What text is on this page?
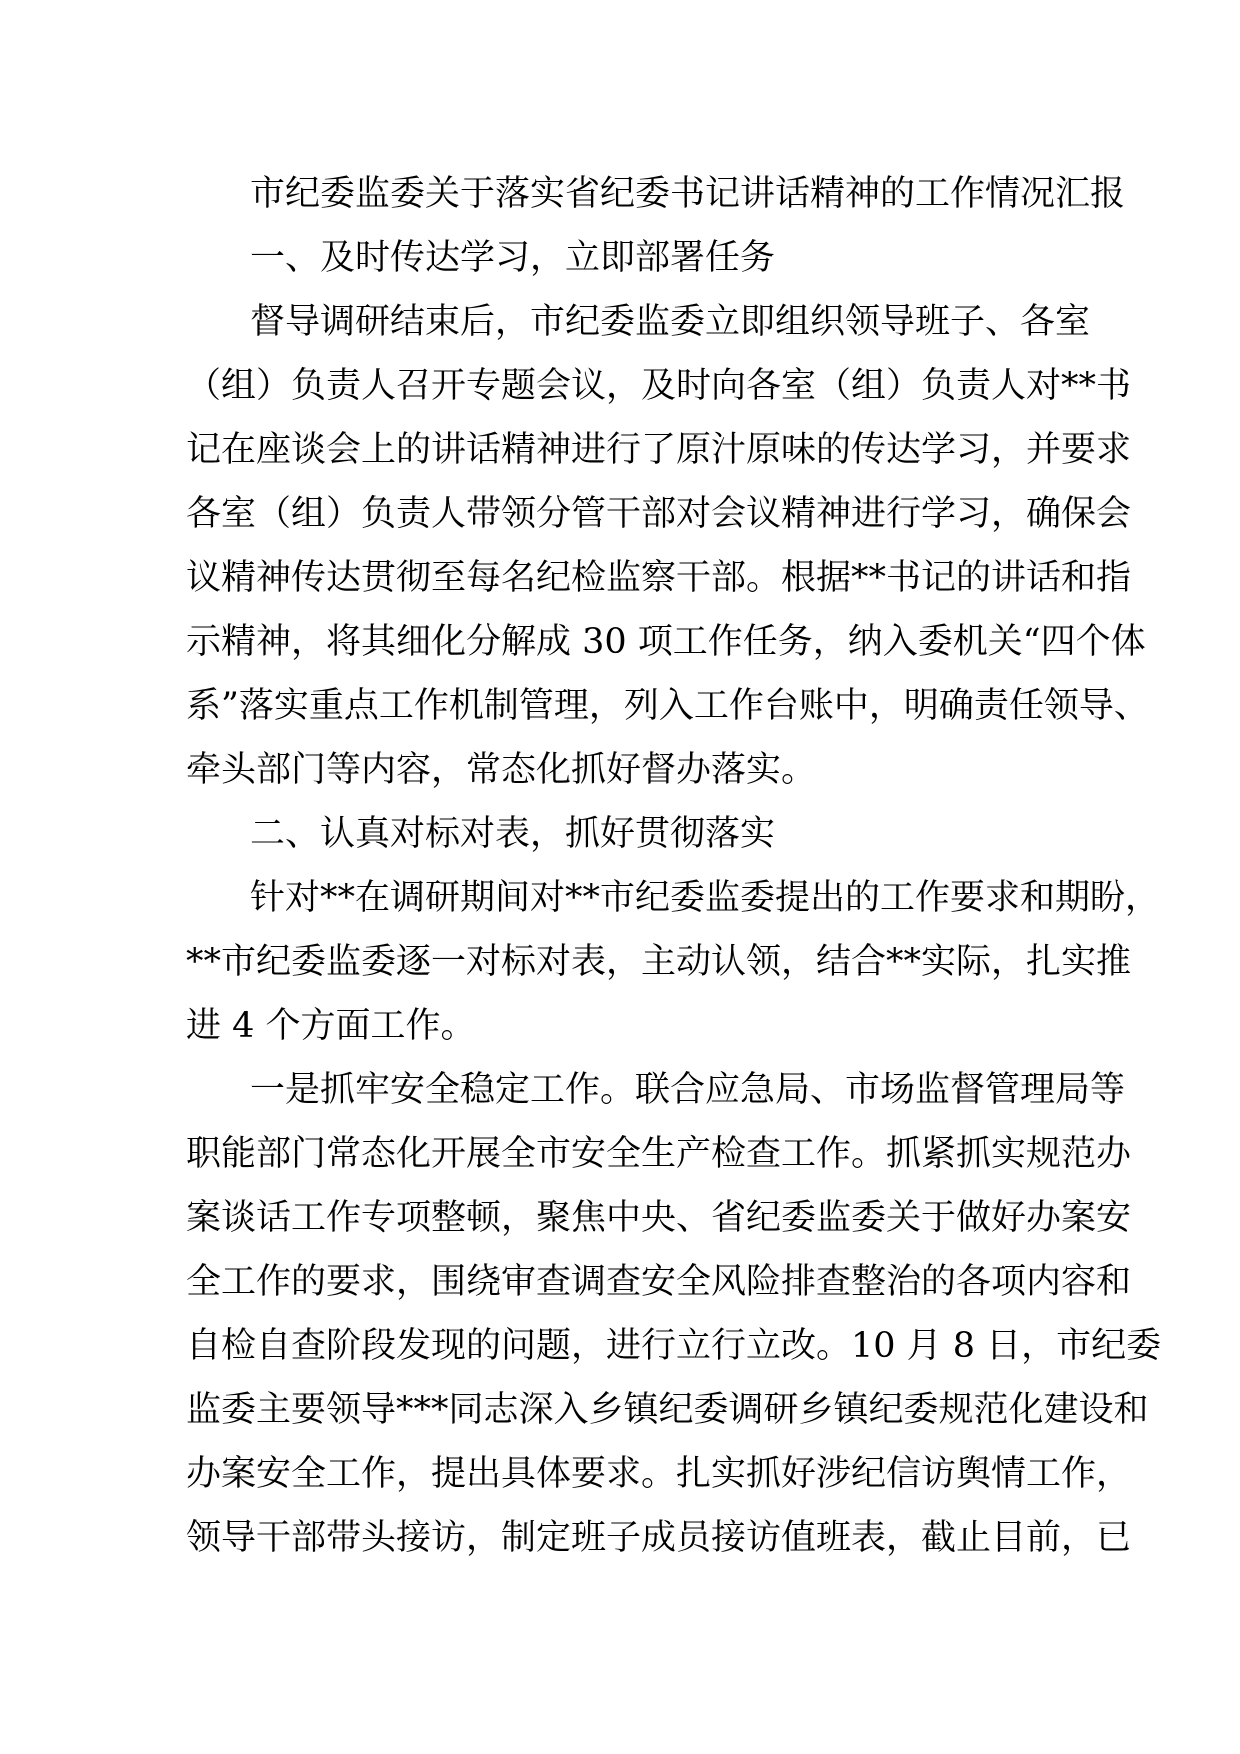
市纪委监委关于落实省纪委书记讲话精神的工作情况汇报
一、及时传达学习，立即部署任务
督导调研结束后，市纪委监委立即组织领导班子、各室
（组）负责人召开专题会议，及时向各室（组）负责人对**书
记在座谈会上的讲话精神进行了原汁原味的传达学习，并要求
各室（组）负责人带领分管干部对会议精神进行学习，确保会
议精神传达贯彻至每名纪检监察干部。根据**书记的讲话和指
示精神，将其细化分解成 30 项工作任务，纳入委机关“四个体
系”落实重点工作机制管理，列入工作台账中，明确责任领导、
牵头部门等内容，常态化抓好督办落实。
二、认真对标对表，抓好贯彻落实
针对**在调研期间对**市纪委监委提出的工作要求和期盼，
**市纪委监委逐一对标对表，主动认领，结合**实际，扎实推
进 4 个方面工作。
一是抓牢安全稳定工作。联合应急局、市场监督管理局等
职能部门常态化开展全市安全生产检查工作。抓紧抓实规范办
案谈话工作专项整顿，聚焦中央、省纪委监委关于做好办案安
全工作的要求，围绕审查调查安全风险排查整治的各项内容和
自检自查阶段发现的问题，进行立行立改。10 月 8 日，市纪委
监委主要领导***同志深入乡镇纪委调研乡镇纪委规范化建设和
办案安全工作，提出具体要求。扎实抓好涉纪信访舆情工作，
领导干部带头接访，制定班子成员接访值班表，截止目前，已
